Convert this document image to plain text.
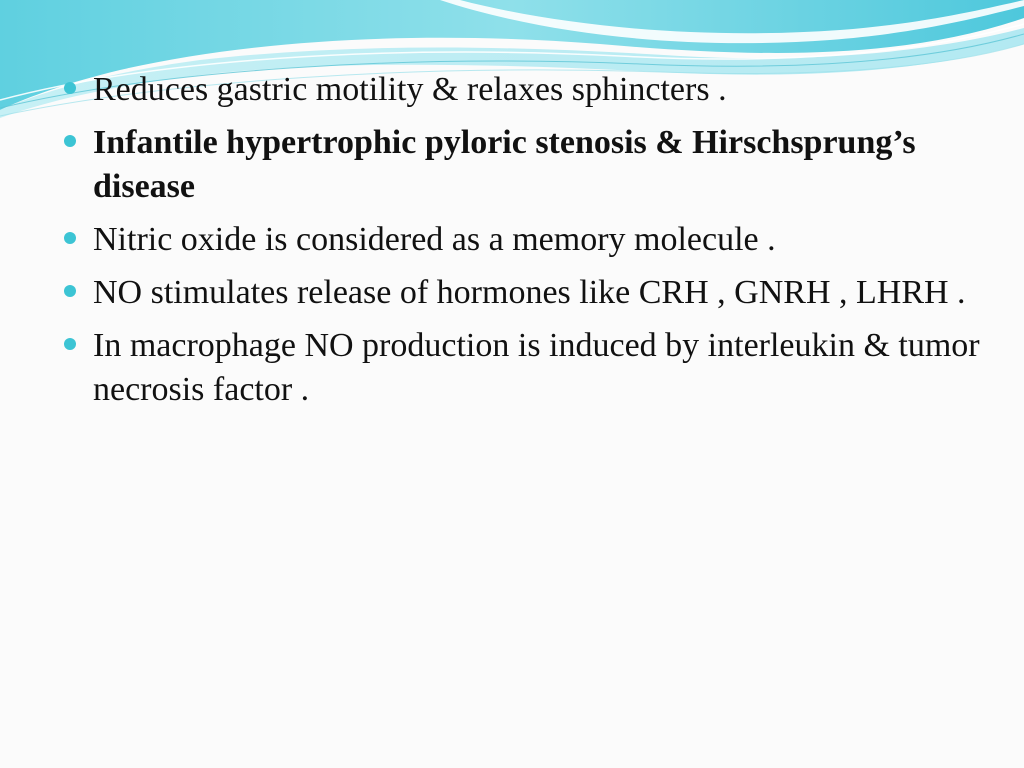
Reduces gastric motility & relaxes sphincters .
Infantile hypertrophic pyloric stenosis & Hirschsprung’s disease
Nitric oxide is considered as a memory molecule .
NO stimulates release of hormones like CRH , GNRH , LHRH .
In macrophage NO production is induced by interleukin & tumor necrosis factor .
